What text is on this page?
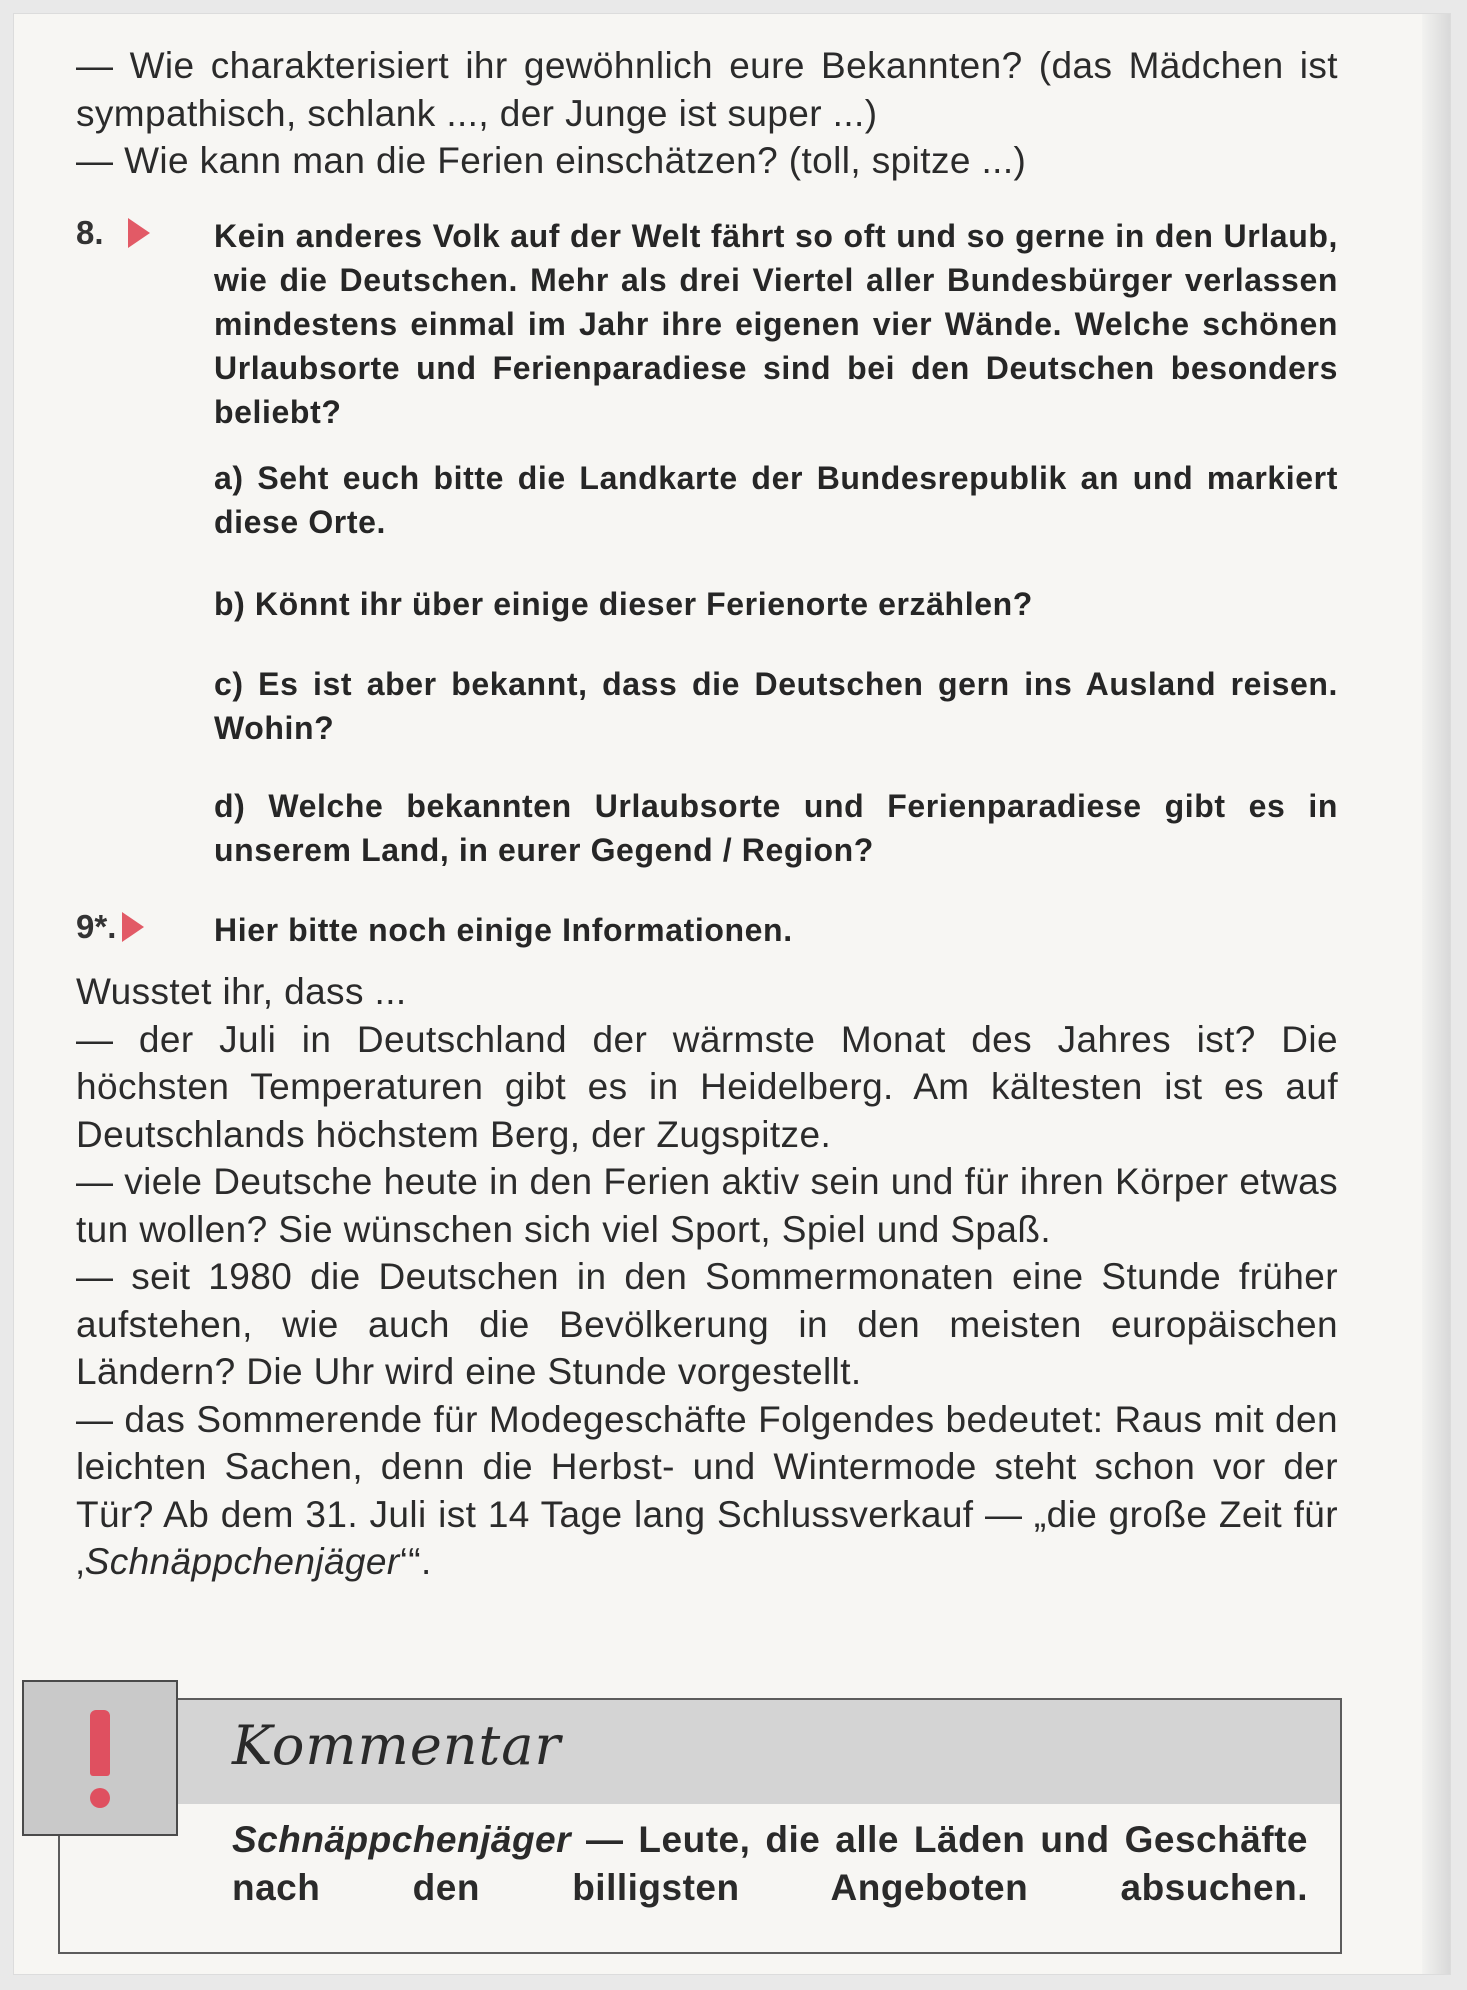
— Wie charakterisiert ihr gewöhnlich eure Bekannten? (das Mädchen ist sympathisch, schlank ..., der Junge ist super ...)

— Wie kann man die Ferien einschätzen? (toll, spitze ...)

8.	Kein anderes Volk auf der Welt fährt so oft und so gerne in den Urlaub, wie die Deutschen. Mehr als drei Viertel aller Bundesbürger verlassen mindestens einmal im Jahr ihre eigenen vier Wände. Welche schönen Urlaubsorte und Ferienparadiese sind bei den Deutschen besonders beliebt?

a) Seht euch bitte die Landkarte der Bundesrepublik an und markiert diese Orte.

b) Könnt ihr über einige dieser Ferienorte erzählen?

c) Es ist aber bekannt, dass die Deutschen gern ins Ausland reisen. Wohin?

d) Welche bekannten Urlaubsorte und Ferienparadiese gibt es in unserem Land, in eurer Gegend / Region?

9*.	Hier bitte noch einige Informationen.

Wusstet ihr, dass ...

— der Juli in Deutschland der wärmste Monat des Jahres ist? Die höchsten Temperaturen gibt es in Heidelberg. Am kältesten ist es auf Deutschlands höchstem Berg, der Zugspitze.

— viele Deutsche heute in den Ferien aktiv sein und für ihren Körper etwas tun wollen? Sie wünschen sich viel Sport, Spiel und Spaß.

— seit 1980 die Deutschen in den Sommermonaten eine Stunde früher aufstehen, wie auch die Bevölkerung in den meisten europäischen Ländern? Die Uhr wird eine Stunde vorgestellt.

— das Sommerende für Modegeschäfte Folgendes bedeutet: Raus mit den leichten Sachen, denn die Herbst- und Wintermode steht schon vor der Tür? Ab dem 31. Juli ist 14 Tage lang Schlussverkauf — „die große Zeit für ‚Schnäppchenjäger‘“.

Kommentar
Schnäppchenjäger — Leute, die alle Läden und Geschäfte nach den billigsten Angeboten absuchen.
